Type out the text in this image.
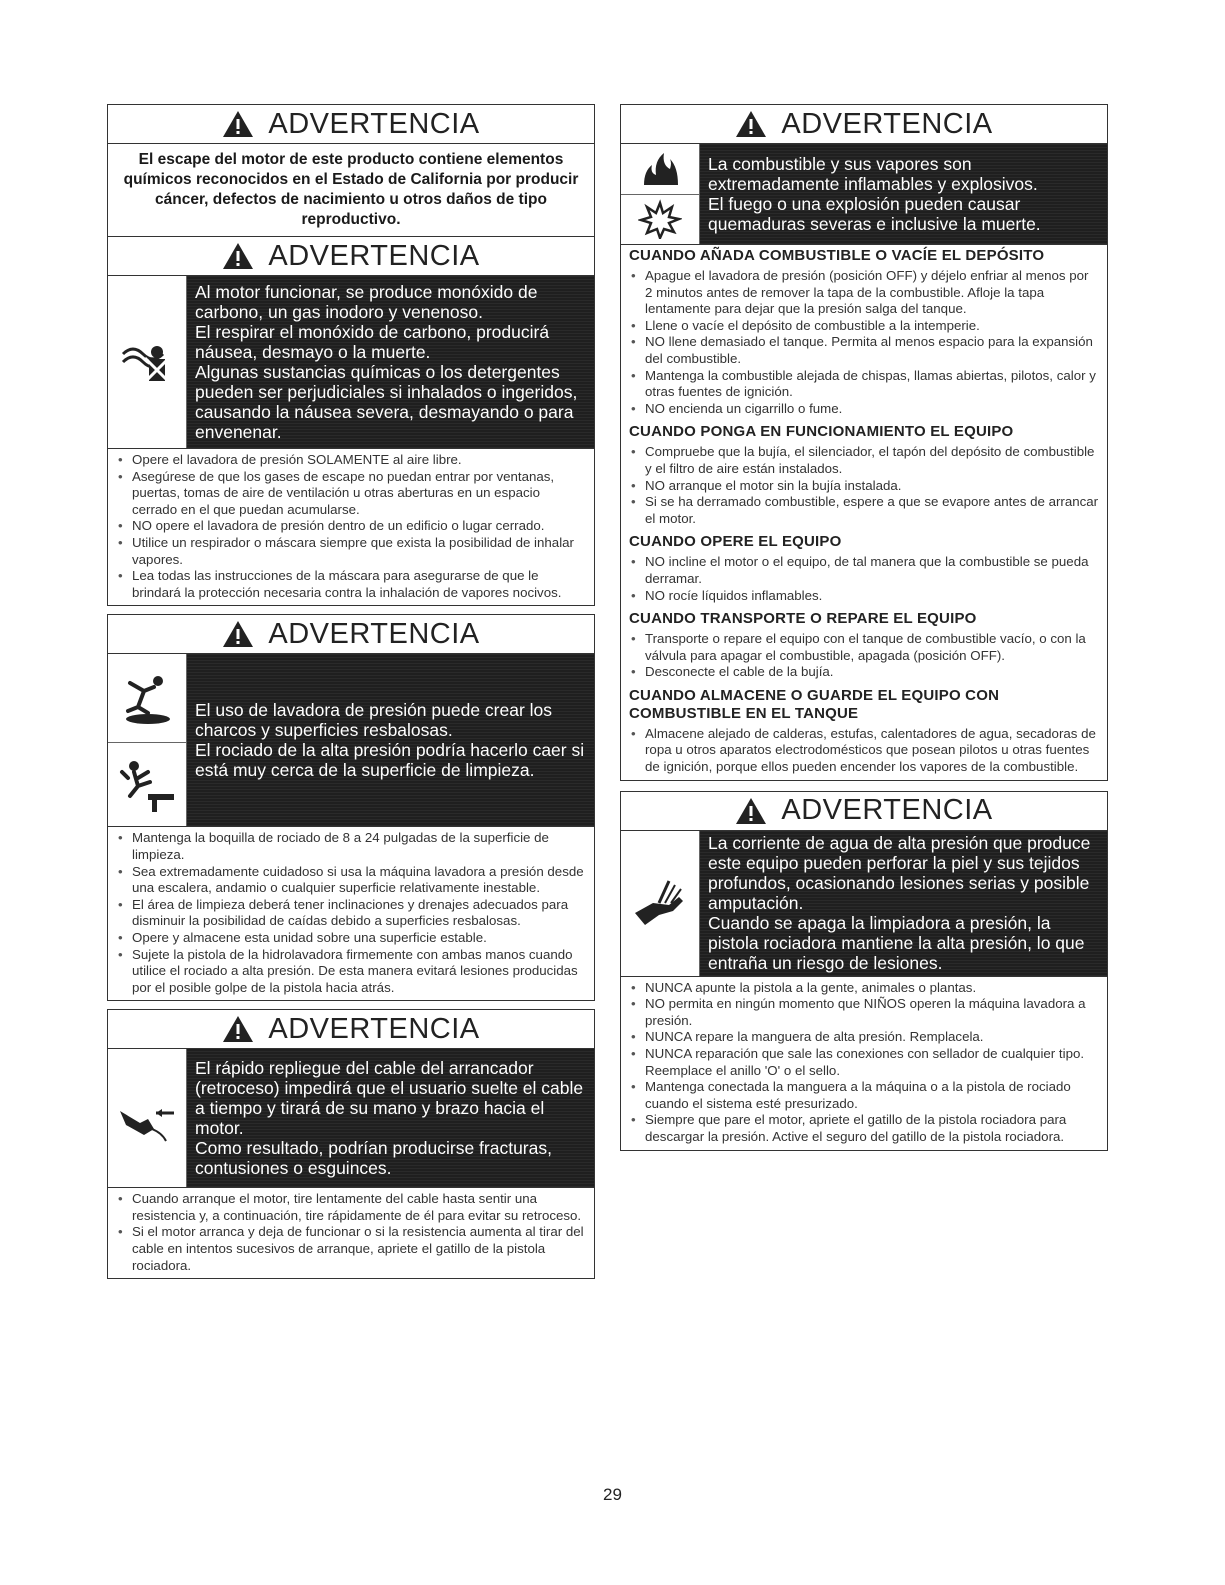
ADVERTENCIA
El escape del motor de este producto contiene elementos químicos reconocidos en el Estado de California por producir cáncer, defectos de nacimiento u otros daños de tipo reproductivo.
ADVERTENCIA

Al motor funcionar, se produce monóxido de carbono, un gas inodoro y venenoso.

El respirar el monóxido de carbono, producirá náusea, desmayo o la muerte.

Algunas sustancias químicas o los detergentes pueden ser perjudiciales si inhalados o ingeridos, causando la náusea severa, desmayando o para envenenar.

• Opere el lavadora de presión SOLAMENTE al aire libre.
• Asegúrese de que los gases de escape no puedan entrar por ventanas, puertas, tomas de aire de ventilación u otras aberturas en un espacio cerrado en el que puedan acumularse.
• NO opere el lavadora de presión dentro de un edificio o lugar cerrado.
• Utilice un respirador o máscara siempre que exista la posibilidad de inhalar vapores.
• Lea todas las instrucciones de la máscara para asegurarse de que le brindará la protección necesaria contra la inhalación de vapores nocivos.
ADVERTENCIA

El uso de lavadora de presión puede crear los charcos y superficies resbalosas.

El rociado de la alta presión podría hacerlo caer si está muy cerca de la superficie de limpieza.

• Mantenga la boquilla de rociado de 8 a 24 pulgadas de la superficie de limpieza.
• Sea extremadamente cuidadoso si usa la máquina lavadora a presión desde una escalera, andamio o cualquier superficie relativamente inestable.
• El área de limpieza deberá tener inclinaciones y drenajes adecuados para disminuir la posibilidad de caídas debido a superficies resbalosas.
• Opere y almacene esta unidad sobre una superficie estable.
• Sujete la pistola de la hidrolavadora firmemente con ambas manos cuando utilice el rociado a alta presión. De esta manera evitará lesiones producidas por el posible golpe de la pistola hacia atrás.
ADVERTENCIA

El rápido repliegue del cable del arrancador (retroceso) impedirá que el usuario suelte el cable a tiempo y tirará de su mano y brazo hacia el motor.

Como resultado, podrían producirse fracturas, contusiones o esguinces.

• Cuando arranque el motor, tire lentamente del cable hasta sentir una resistencia y, a continuación, tire rápidamente de él para evitar su retroceso.
• Si el motor arranca y deja de funcionar o si la resistencia aumenta al tirar del cable en intentos sucesivos de arranque, apriete el gatillo de la pistola rociadora.
ADVERTENCIA

La combustible y sus vapores son extremadamente inflamables y explosivos.

El fuego o una explosión pueden causar quemaduras severas e inclusive la muerte.

CUANDO AÑADA COMBUSTIBLE O VACÍE EL DEPÓSITO
• Apague el lavadora de presión (posición OFF) y déjelo enfriar al menos por 2 minutos antes de remover la tapa de la combustible. Afloje la tapa lentamente para dejar que la presión salga del tanque.
• Llene o vacíe el depósito de combustible a la intemperie.
• NO llene demasiado el tanque. Permita al menos espacio para la expansión del combustible.
• Mantenga la combustible alejada de chispas, llamas abiertas, pilotos, calor y otras fuentes de ignición.
• NO encienda un cigarrillo o fume.
CUANDO PONGA EN FUNCIONAMIENTO EL EQUIPO
• Compruebe que la bujía, el silenciador, el tapón del depósito de combustible y el filtro de aire están instalados.
• NO arranque el motor sin la bujía instalada.
• Si se ha derramado combustible, espere a que se evapore antes de arrancar el motor.
CUANDO OPERE EL EQUIPO
• NO incline el motor o el equipo, de tal manera que la combustible se pueda derramar.
• NO rocíe líquidos inflamables.
CUANDO TRANSPORTE O REPARE EL EQUIPO
• Transporte o repare el equipo con el tanque de combustible vacío, o con la válvula para apagar el combustible, apagada (posición OFF).
• Desconecte el cable de la bujía.
CUANDO ALMACENE O GUARDE EL EQUIPO CON COMBUSTIBLE EN EL TANQUE
• Almacene alejado de calderas, estufas, calentadores de agua, secadoras de ropa u otros aparatos electrodomésticos que posean pilotos u otras fuentes de ignición, porque ellos pueden encender los vapores de la combustible.
ADVERTENCIA

La corriente de agua de alta presión que produce este equipo pueden perforar la piel y sus tejidos profundos, ocasionando lesiones serias y posible amputación.

Cuando se apaga la limpiadora a presión, la pistola rociadora mantiene la alta presión, lo que entraña un riesgo de lesiones.

• NUNCA apunte la pistola a la gente, animales o plantas.
• NO permita en ningún momento que NIÑOS operen la máquina lavadora a presión.
• NUNCA repare la manguera de alta presión. Remplacela.
• NUNCA reparación que sale las conexiones con sellador de cualquier tipo. Reemplace el anillo 'O' o el sello.
• Mantenga conectada la manguera a la máquina o a la pistola de rociado cuando el sistema esté presurizado.
• Siempre que pare el motor, apriete el gatillo de la pistola rociadora para descargar la presión. Active el seguro del gatillo de la pistola rociadora.
29
